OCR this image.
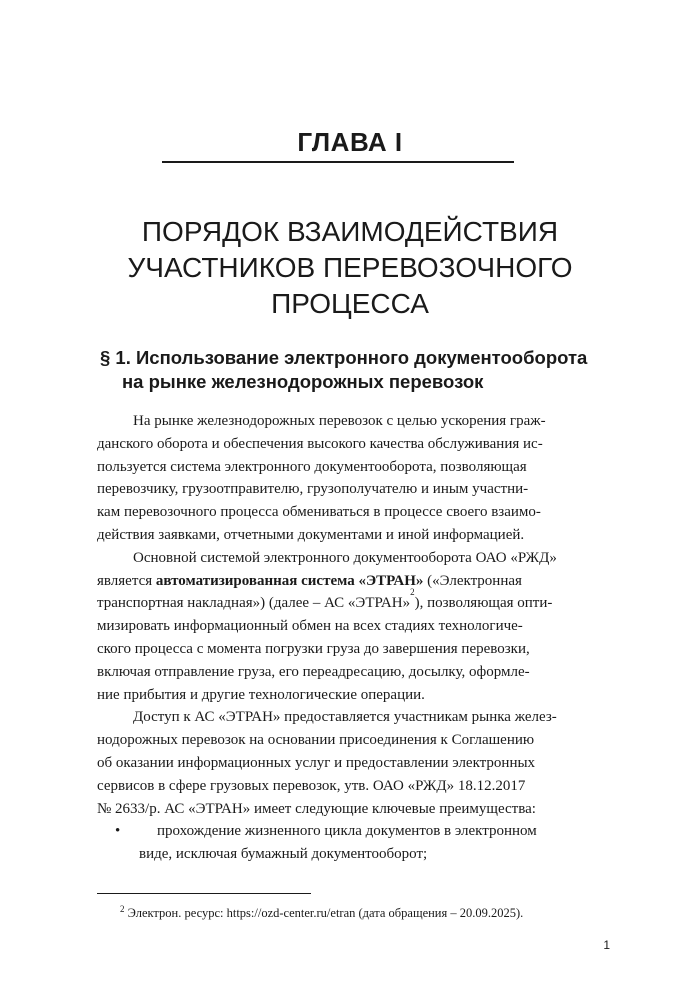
ГЛАВА I
ПОРЯДОК ВЗАИМОДЕЙСТВИЯ
УЧАСТНИКОВ ПЕРЕВОЗОЧНОГО
ПРОЦЕССА
§ 1. Использование электронного документооборота
на рынке железнодорожных перевозок
На рынке железнодорожных перевозок с целью ускорения граж-
данского оборота и обеспечения высокого качества обслуживания ис-
пользуется система электронного документооборота, позволяющая
перевозчику, грузоотправителю, грузополучателю и иным участни-
кам перевозочного процесса обмениваться в процессе своего взаимо-
действия заявками, отчетными документами и иной информацией.
Основной системой электронного документооборота ОАО «РЖД»
является автоматизированная система «ЭТРАН» («Электронная
транспортная накладная») (далее – АС «ЭТРАН»
2
), позволяющая опти-
мизировать информационный обмен на всех стадиях технологиче-
ского процесса с момента погрузки груза до завершения перевозки,
включая отправление груза, его переадресацию, досылку, оформле-
ние прибытия и другие технологические операции.
Доступ к АС «ЭТРАН» предоставляется участникам рынка желез-
нодорожных перевозок на основании присоединения к Соглашению
об оказании информационных услуг и предоставлении электронных
сервисов в сфере грузовых перевозок, утв. ОАО «РЖД» 18.12.2017
№ 2633/р. АС «ЭТРАН» имеет следующие ключевые преимущества:
•	прохождение жизненного цикла документов в электронном
виде, исключая бумажный документооборот;
$^2$ Электрон. ресурс: https://ozd-center.ru/etran (дата обращения – 20.09.2025).
1
